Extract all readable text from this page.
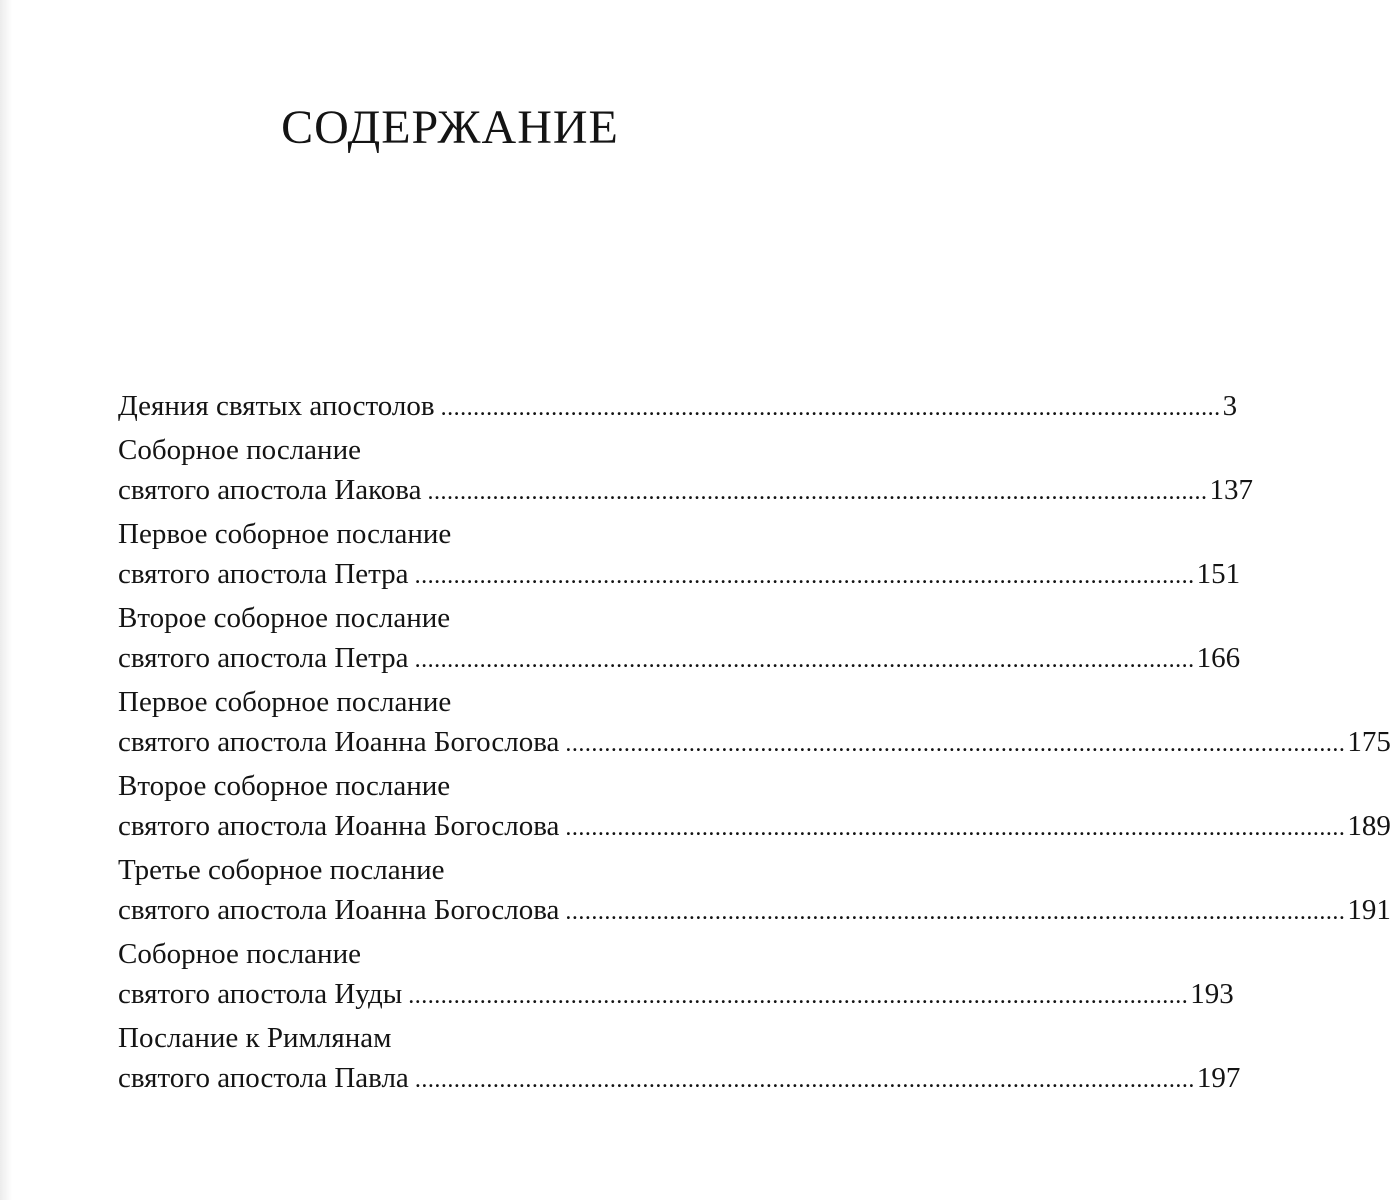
СОДЕРЖАНИЕ
Деяния святых апостолов ........................................................................................................................ 3
Соборное послание
святого апостола Иакова ........................................................................................................................ 137
Первое соборное послание
святого апостола Петра ........................................................................................................................ 151
Второе соборное послание
святого апостола Петра ........................................................................................................................ 166
Первое соборное послание
святого апостола Иоанна Богослова ........................................................................................................................ 175
Второе соборное послание
святого апостола Иоанна Богослова ........................................................................................................................ 189
Третье соборное послание
святого апостола Иоанна Богослова ........................................................................................................................ 191
Соборное послание
святого апостола Иуды ........................................................................................................................ 193
Послание к Римлянам
святого апостола Павла ........................................................................................................................ 197
